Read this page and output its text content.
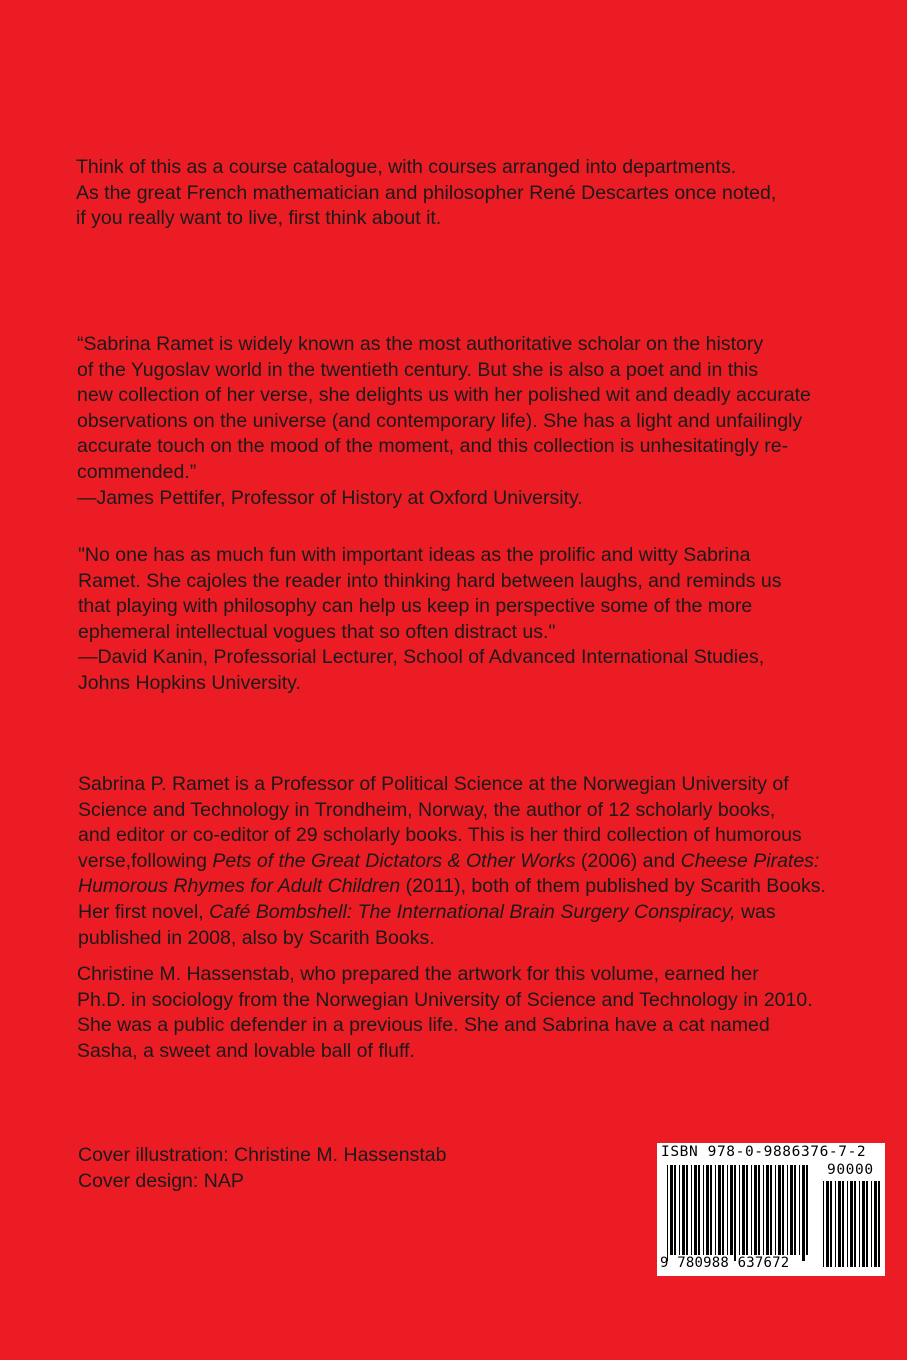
Think of this as a course catalogue, with courses arranged into departments.
As the great French mathematician and philosopher René Descartes once noted,
if you really want to live, first think about it.
“Sabrina Ramet is widely known as the most authoritative scholar on the history
of the Yugoslav world in the twentieth century. But she is also a poet and in this
new collection of her verse, she delights us with her polished wit and deadly accurate
observations on the universe (and contemporary life). She has a light and unfailingly
accurate touch on the mood of the moment, and this collection is unhesitatingly re-
commended.”
—James Pettifer, Professor of History at Oxford University.
"No one has as much fun with important ideas as the prolific and witty Sabrina
Ramet. She cajoles the reader into thinking hard between laughs, and reminds us
that playing with philosophy can help us keep in perspective some of the more
ephemeral intellectual vogues that so often distract us."
—David Kanin, Professorial Lecturer, School of Advanced International Studies,
Johns Hopkins University.
Sabrina P. Ramet is a Professor of Political Science at the Norwegian University of
Science and Technology in Trondheim, Norway, the author of 12 scholarly books,
and editor or co-editor of 29 scholarly books. This is her third collection of humorous
verse,following Pets of the Great Dictators & Other Works (2006) and Cheese Pirates:
Humorous Rhymes for Adult Children (2011), both of them published by Scarith Books.
Her first novel, Café Bombshell: The International Brain Surgery Conspiracy, was
published in 2008, also by Scarith Books.
Christine M. Hassenstab, who prepared the artwork for this volume, earned her
Ph.D. in sociology from the Norwegian University of Science and Technology in 2010.
She was a public defender in a previous life. She and Sabrina have a cat named
Sasha, a sweet and lovable ball of fluff.
Cover illustration: Christine M. Hassenstab
Cover design: NAP
ISBN 978-0-9886376-7-2
90000
9 780988 637672
